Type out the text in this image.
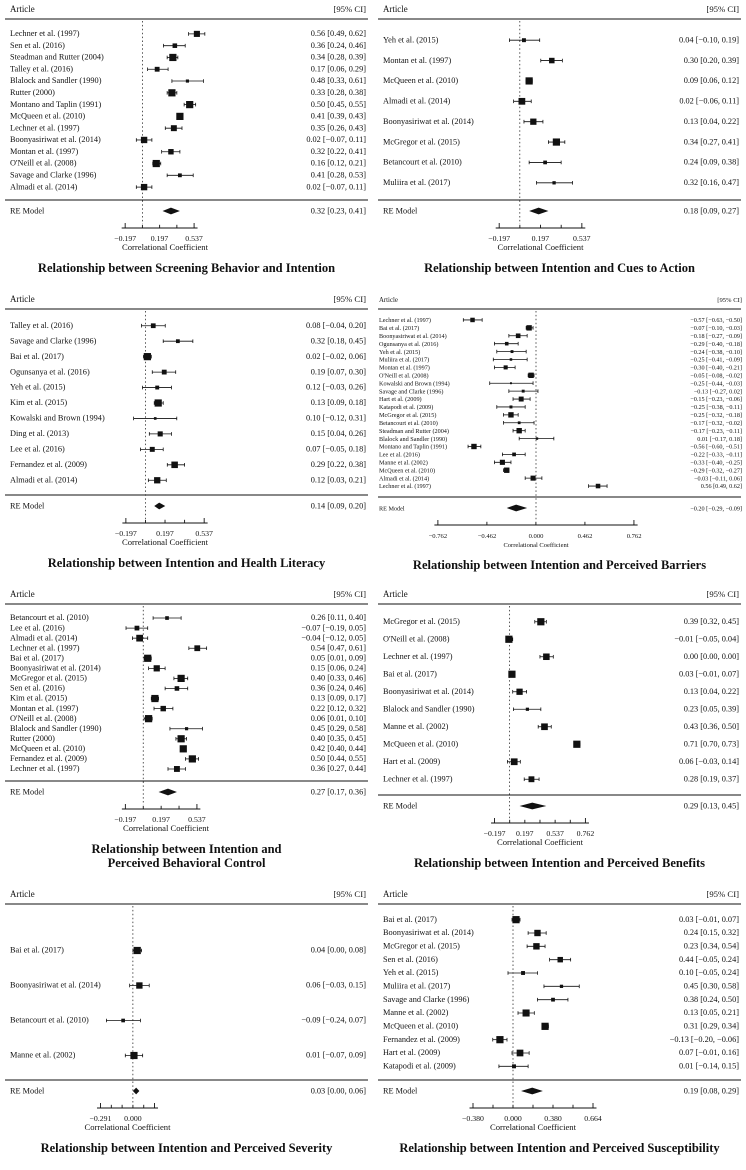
Article	[95% CI]
Lechner et al. (1997)	0.56 [0.49, 0.62]
Sen et al. (2016)	0.36 [0.24, 0.46]
Steadman and Rutter (2004)	0.34 [0.28, 0.39]
Talley et al. (2016)	0.17 [0.06, 0.29]
Blalock and Sandler (1990)	0.48 [0.33, 0.61]
Rutter (2000)	0.33 [0.28, 0.38]
Montano and Taplin (1991)	0.50 [0.45, 0.55]
McQueen et al. (2010)	0.41 [0.39, 0.43]
Lechner et al. (1997)	0.35 [0.26, 0.43]
Boonyasiriwat et al. (2014)	0.02 [−0.07, 0.11]
Montan et al. (1997)	0.32 [0.22, 0.41]
O'Neill et al. (2008)	0.16 [0.12, 0.21]
Savage and Clarke (1996)	0.41 [0.28, 0.53]
Almadi et al. (2014)	0.02 [−0.07, 0.11]
RE Model	0.32 [0.23, 0.41]
−0.197 0.197 0.537
Correlational Coefficient
Relationship between Screening Behavior and Intention
Article	[95% CI]
Yeh et al. (2015)	0.04 [−0.10, 0.19]
Montan et al. (1997)	0.30 [0.20, 0.39]
McQueen et al. (2010)	0.09 [0.06, 0.12]
Almadi et al. (2014)	0.02 [−0.06, 0.11]
Boonyasiriwat et al. (2014)	0.13 [0.04, 0.22]
McGregor et al. (2015)	0.34 [0.27, 0.41]
Betancourt et al. (2010)	0.24 [0.09, 0.38]
Muliira et al. (2017)	0.32 [0.16, 0.47]
RE Model	0.18 [0.09, 0.27]
−0.197	0.197	0.537
Correlational Coefficient
Relationship between Intention and Cues to Action
Article	[95% CI]
Talley et al. (2016)	0.08 [−0.04, 0.20]
Savage and Clarke (1996)	0.32 [0.18, 0.45]
Bai et al. (2017)	0.02 [−0.02, 0.06]
Ogunsanya et al. (2016)	0.19 [0.07, 0.30]
Yeh et al. (2015)	0.12 [−0.03, 0.26]
Kim et al. (2015)	0.13 [0.09, 0.18]
Kowalski and Brown (1994)	0.10 [−0.12, 0.31]
Ding et al. (2013)	0.15 [0.04, 0.26]
Lee et al. (2016)	0.07 [−0.05, 0.18]
Fernandez et al. (2009)	0.29 [0.22, 0.38]
Almadi et al. (2014)	0.12 [0.03, 0.21]
RE Model	0.14 [0.09, 0.20]
−0.197 0.197	0.537
Correlational Coefficient
Relationship between Intention and Health Literacy
Article	[95% CI]
Lechner et al. (1997)	−0.57 [−0.63, −0.50]
Bai et al. (2017)	−0.07 [−0.10, −0.03]
Boonyasiriwat et al. (2014)	−0.18 [−0.27, −0.09]
Ogunsanya et al. (2016)	−0.29 [−0.40, −0.18]
Yeh et al. (2015)	−0.24 [−0.38, −0.10]
Muliira et al. (2017)	−0.25 [−0.41, −0.09]
Montan et al. (1997)	−0.30 [−0.40, −0.21]
O'Neill et al. (2008)	−0.05 [−0.08, −0.02]
Kowalski and Brown (1994)	−0.25 [−0.44, −0.03]
Savage and Clarke (1996)	−0.13 [−0.27, 0.02]
Hart et al. (2009)	−0.15 [−0.23, −0.06]
Katapodi et al. (2009)	−0.25 [−0.38, −0.11]
McGregor et al. (2015)	−0.25 [−0.32, −0.18]
Betancourt et al. (2010)	−0.17 [−0.32, −0.02]
Steadman and Rutter (2004)	−0.17 [−0.23, −0.11]
Blalock and Sandler (1990)	0.01 [−0.17, 0.18]
Montano and Taplin (1991)	−0.56 [−0.60, −0.51]
Lee et al. (2016)	−0.22 [−0.33, −0.11]
Manne et al. (2002)	−0.33 [−0.40, −0.25]
McQueen et al. (2010)	−0.29 [−0.32, −0.27]
Almadi et al. (2014)	−0.03 [−0.11, 0.06]
Lechner et al. (1997)	0.56 [0.49, 0.62]
RE Model	−0.20 [−0.29, −0.09]
−0.762	−0.462	0.000	0.462	0.762
Correlational Coefficient
Relationship between Intention and Perceived Barriers
Article	[95% CI]
Betancourt et al. (2010)	0.26 [0.11, 0.40]
Lee et al. (2016)	−0.07 [−0.19, 0.05]
Almadi et al. (2014)	−0.04 [−0.12, 0.05]
Lechner et al. (1997)	0.54 [0.47, 0.61]
Bai et al. (2017)	0.05 [0.01, 0.09]
Boonyasiriwat et al. (2014)	0.15 [0.06, 0.24]
McGregor et al. (2015)	0.40 [0.33, 0.46]
Sen et al. (2016)	0.36 [0.24, 0.46]
Kim et al. (2015)	0.13 [0.09, 0.17]
Montan et al. (1997)	0.22 [0.12, 0.32]
O'Neill et al. (2008)	0.06 [0.01, 0.10]
Blalock and Sandler (1990)	0.45 [0.29, 0.58]
Rutter (2000)	0.40 [0.35, 0.45]
McQueen et al. (2010)	0.42 [0.40, 0.44]
Fernandez et al. (2009)	0.50 [0.44, 0.55]
Lechner et al. (1997)	0.36 [0.27, 0.44]
RE Model	0.27 [0.17, 0.36]
−0.197 0.197 0.537
Correlational Coefficient
Relationship between Intention and Perceived Behavioral Control
Article	[95% CI]
McGregor et al. (2015)	0.39 [0.32, 0.45]
O'Neill et al. (2008)	−0.01 [−0.05, 0.04]
Lechner et al. (1997)	0.00 [0.00, 0.00]
Bai et al. (2017)	0.03 [−0.01, 0.07]
Boonyasiriwat et al. (2014)	0.13 [0.04, 0.22]
Blalock and Sandler (1990)	0.23 [0.05, 0.39]
Manne et al. (2002)	0.43 [0.36, 0.50]
McQueen et al. (2010)	0.71 [0.70, 0.73]
Hart et al. (2009)	0.06 [−0.03, 0.14]
Lechner et al. (1997)	0.28 [0.19, 0.37]
RE Model	0.29 [0.13, 0.45]
−0.197 0.197 0.537 0.762
Correlational Coefficient
Relationship between Intention and Perceived Benefits
Article	[95% CI]
Bai et al. (2017)	0.04 [0.00, 0.08]
Boonyasiriwat et al. (2014)	0.06 [−0.03, 0.15]
Betancourt et al. (2010)	−0.09 [−0.24, 0.07]
Manne et al. (2002)	0.01 [−0.07, 0.09]
RE Model	0.03 [0.00, 0.06]
−0.291 0.000
Correlational Coefficient
Relationship between Intention and Perceived Severity
Article	[95% CI]
Bai et al. (2017)	0.03 [−0.01, 0.07]
Boonyasiriwat et al. (2014)	0.24 [0.15, 0.32]
McGregor et al. (2015)	0.23 [0.34, 0.54]
Sen et al. (2016)	0.44 [−0.05, 0.24]
Yeh et al. (2015)	0.10 [−0.05, 0.24]
Muliira et al. (2017)	0.45 [0.30, 0.58]
Savage and Clarke (1996)	0.38 [0.24, 0.50]
Manne et al. (2002)	0.13 [0.05, 0.21]
McQueen et al. (2010)	0.31 [0.29, 0.34]
Fernandez et al. (2009)	−0.13 [−0.20, −0.06]
Hart et al. (2009)	0.07 [−0.01, 0.16]
Katapodi et al. (2009)	0.01 [−0.14, 0.15]
RE Model	0.19 [0.08, 0.29]
−0.380	0.000	0.380	0.664
Correlational Coefficient
Relationship between Intention and Perceived Susceptibility
